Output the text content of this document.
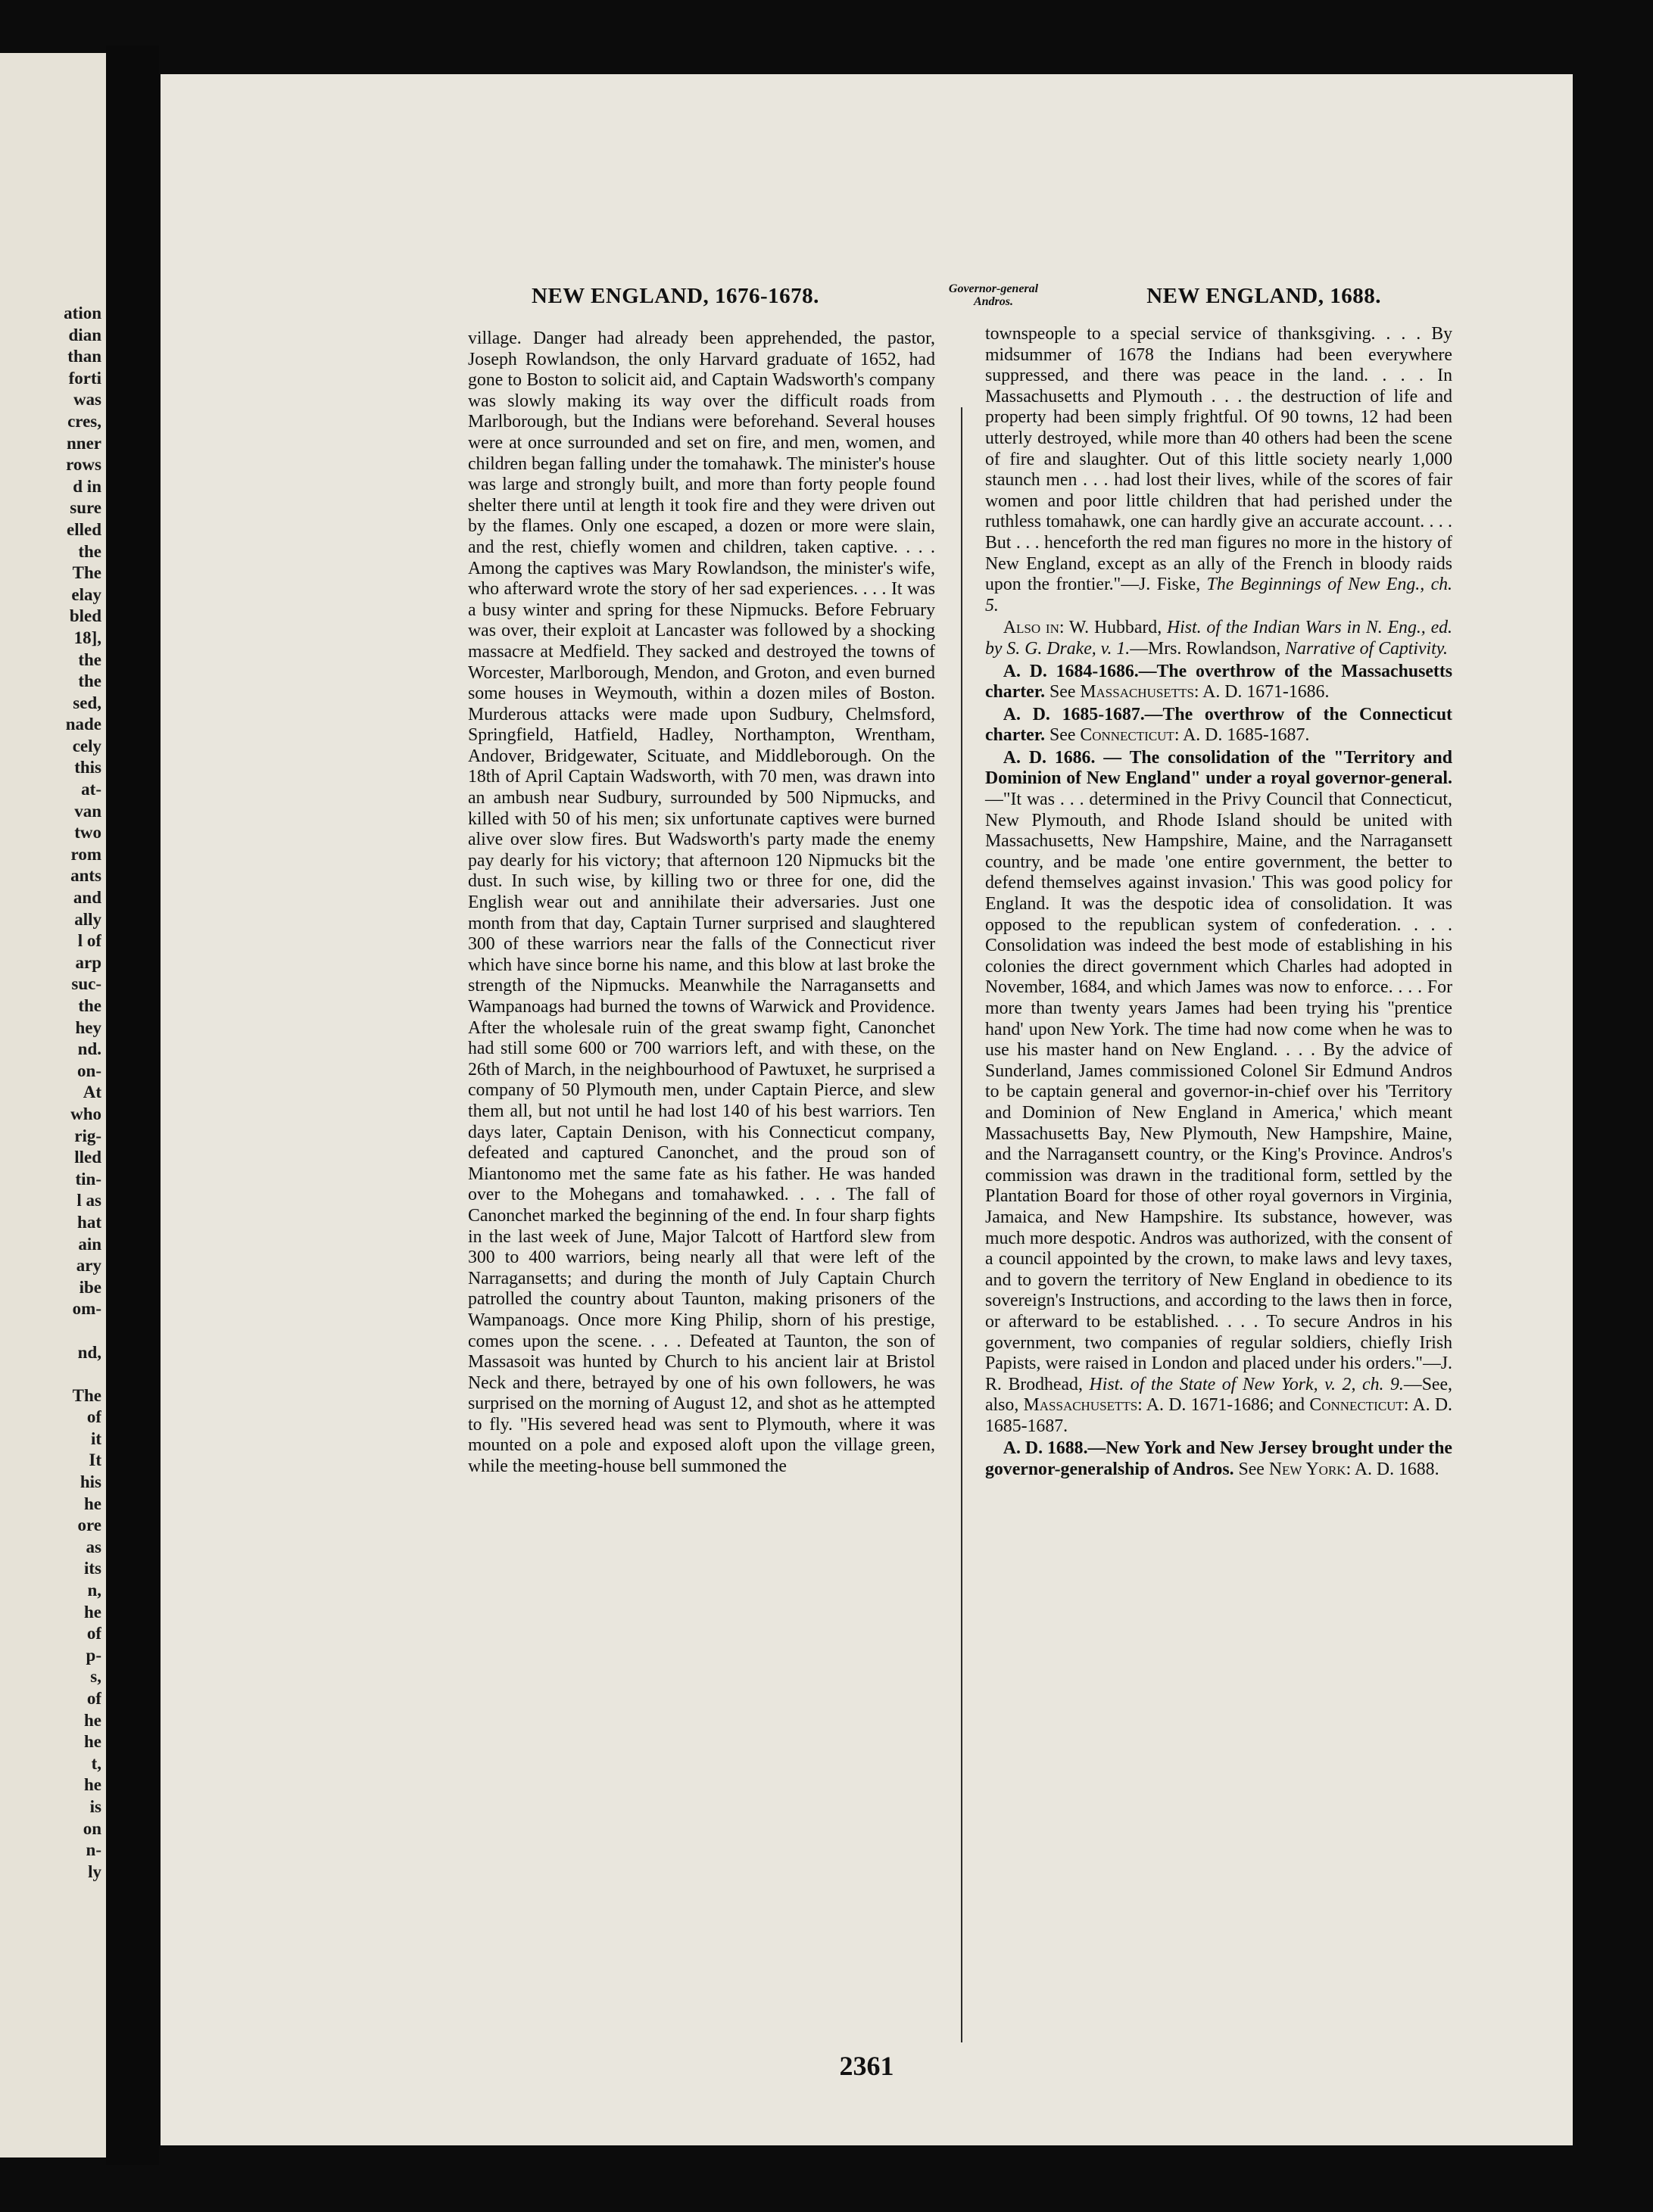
ation
dian
than
forti
was
cres,
nner
rows
d in
sure
elled
the
The
elay
bled
18],
the
the
sed,
nade
cely
this
at-
van
two
rom
ants
and
ally
l of
arp
suc-
the
hey
nd.
on-
At
who
rig-
lled
tin-
l as
hat
ain
ary
ibe
om-

nd,

The
of
it
It
his
he
ore
as
its
n,
he
of
p-
s,
of
he
he
t,
he
is
on
n-
ly
NEW ENGLAND, 1676-1678.	Governor-general
Andros.	NEW ENGLAND, 1688.

village. Danger had already been apprehended, the pastor, Joseph Rowlandson, the only Harvard graduate of 1652, had gone to Boston to solicit aid, and Captain Wadsworth's company was slowly making its way over the difficult roads from Marlborough, but the Indians were beforehand. Several houses were at once surrounded and set on fire, and men, women, and children began falling under the tomahawk. The minister's house was large and strongly built, and more than forty people found shelter there until at length it took fire and they were driven out by the flames. Only one escaped, a dozen or more were slain, and the rest, chiefly women and children, taken captive. . . . Among the captives was Mary Rowlandson, the minister's wife, who afterward wrote the story of her sad experiences. . . . It was a busy winter and spring for these Nipmucks. Before February was over, their exploit at Lancaster was followed by a shocking massacre at Medfield. They sacked and destroyed the towns of Worcester, Marlborough, Mendon, and Groton, and even burned some houses in Weymouth, within a dozen miles of Boston. Murderous attacks were made upon Sudbury, Chelmsford, Springfield, Hatfield, Hadley, Northampton, Wrentham, Andover, Bridgewater, Scituate, and Middleborough. On the 18th of April Captain Wadsworth, with 70 men, was drawn into an ambush near Sudbury, surrounded by 500 Nipmucks, and killed with 50 of his men; six unfortunate captives were burned alive over slow fires. But Wadsworth's party made the enemy pay dearly for his victory; that afternoon 120 Nipmucks bit the dust. In such wise, by killing two or three for one, did the English wear out and annihilate their adversaries. Just one month from that day, Captain Turner surprised and slaughtered 300 of these warriors near the falls of the Connecticut river which have since borne his name, and this blow at last broke the strength of the Nipmucks. Meanwhile the Narragansetts and Wampanoags had burned the towns of Warwick and Providence. After the wholesale ruin of the great swamp fight, Canonchet had still some 600 or 700 warriors left, and with these, on the 26th of March, in the neighbourhood of Pawtuxet, he surprised a company of 50 Plymouth men, under Captain Pierce, and slew them all, but not until he had lost 140 of his best warriors. Ten days later, Captain Denison, with his Connecticut company, defeated and captured Canonchet, and the proud son of Miantonomo met the same fate as his father. He was handed over to the Mohegans and tomahawked. . . . The fall of Canonchet marked the beginning of the end. In four sharp fights in the last week of June, Major Talcott of Hartford slew from 300 to 400 warriors, being nearly all that were left of the Narragansetts; and during the month of July Captain Church patrolled the country about Taunton, making prisoners of the Wampanoags. Once more King Philip, shorn of his prestige, comes upon the scene. . . . Defeated at Taunton, the son of Massasoit was hunted by Church to his ancient lair at Bristol Neck and there, betrayed by one of his own followers, he was surprised on the morning of August 12, and shot as he attempted to fly. "His severed head was sent to Plymouth, where it was mounted on a pole and exposed aloft upon the village green, while the meeting-house bell summoned the

townspeople to a special service of thanksgiving. . . . By midsummer of 1678 the Indians had been everywhere suppressed, and there was peace in the land. . . . In Massachusetts and Plymouth . . . the destruction of life and property had been simply frightful. Of 90 towns, 12 had been utterly destroyed, while more than 40 others had been the scene of fire and slaughter. Out of this little society nearly 1,000 staunch men . . . had lost their lives, while of the scores of fair women and poor little children that had perished under the ruthless tomahawk, one can hardly give an accurate account. . . . But . . . henceforth the red man figures no more in the history of New England, except as an ally of the French in bloody raids upon the frontier."—J. Fiske, The Beginnings of New Eng., ch. 5.

 Also in: W. Hubbard, Hist. of the Indian Wars in N. Eng., ed. by S. G. Drake, v. 1.—Mrs. Rowlandson, Narrative of Captivity.

 A. D. 1684-1686.—The overthrow of the Massachusetts charter. See Massachusetts: A. D. 1671-1686.

 A. D. 1685-1687.—The overthrow of the Connecticut charter. See Connecticut: A. D. 1685-1687.

 A. D. 1686. — The consolidation of the "Territory and Dominion of New England" under a royal governor-general.—"It was . . . determined in the Privy Council that Connecticut, New Plymouth, and Rhode Island should be united with Massachusetts, New Hampshire, Maine, and the Narragansett country, and be made 'one entire government, the better to defend themselves against invasion.' This was good policy for England. It was the despotic idea of consolidation. It was opposed to the republican system of confederation. . . . Consolidation was indeed the best mode of establishing in his colonies the direct government which Charles had adopted in November, 1684, and which James was now to enforce. . . . For more than twenty years James had been trying his ''prentice hand' upon New York. The time had now come when he was to use his master hand on New England. . . . By the advice of Sunderland, James commissioned Colonel Sir Edmund Andros to be captain general and governor-in-chief over his 'Territory and Dominion of New England in America,' which meant Massachusetts Bay, New Plymouth, New Hampshire, Maine, and the Narragansett country, or the King's Province. Andros's commission was drawn in the traditional form, settled by the Plantation Board for those of other royal governors in Virginia, Jamaica, and New Hampshire. Its substance, however, was much more despotic. Andros was authorized, with the consent of a council appointed by the crown, to make laws and levy taxes, and to govern the territory of New England in obedience to its sovereign's Instructions, and according to the laws then in force, or afterward to be established. . . . To secure Andros in his government, two companies of regular soldiers, chiefly Irish Papists, were raised in London and placed under his orders."—J. R. Brodhead, Hist. of the State of New York, v. 2, ch. 9.—See, also, Massachusetts: A. D. 1671-1686; and Connecticut: A. D. 1685-1687.

 A. D. 1688.—New York and New Jersey brought under the governor-generalship of Andros. See New York: A. D. 1688.

2361
